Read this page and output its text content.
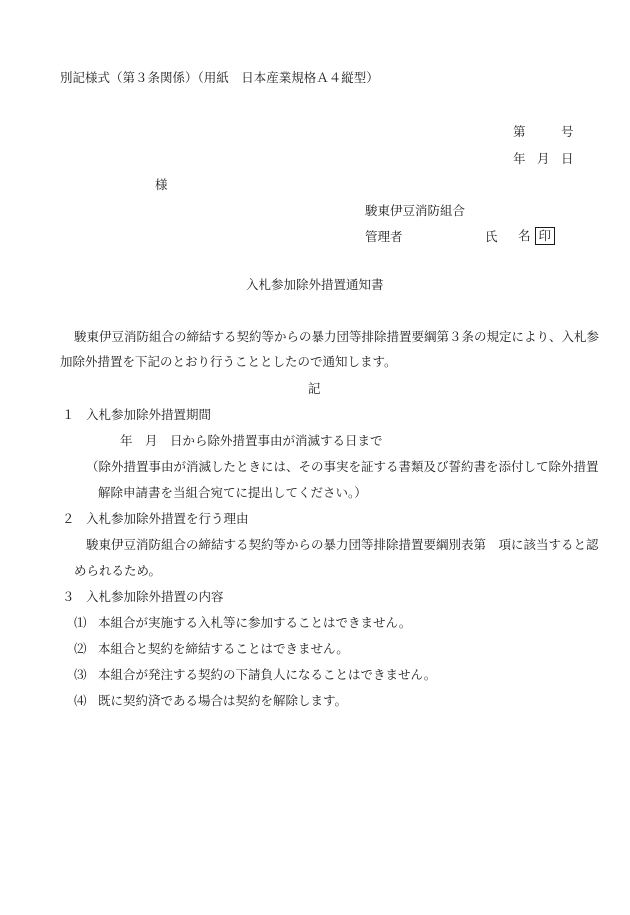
別記様式（第３条関係）（用紙　日本産業規格Ａ４縦型）
第	号
年 月 日
様
駿東伊豆消防組合
管理者	氏 名 印
入札参加除外措置通知書
駿東伊豆消防組合の締結する契約等からの暴力団等排除措置要綱第３条の規定により、入札参
加除外措置を下記のとおり行うこととしたので通知します。
記
１ 入札参加除外措置期間
年　月　日から除外措置事由が消滅する日まで
（除外措置事由が消滅したときには、その事実を証する書類及び誓約書を添付して除外措置
解除申請書を当組合宛てに提出してください。）
２ 入札参加除外措置を行う理由
駿東伊豆消防組合の締結する契約等からの暴力団等排除措置要綱別表第　項に該当すると認
められるため。
３ 入札参加除外措置の内容
⑴ 本組合が実施する入札等に参加することはできません。
⑵ 本組合と契約を締結することはできません。
⑶ 本組合が発注する契約の下請負人になることはできません。
⑷ 既に契約済である場合は契約を解除します。
